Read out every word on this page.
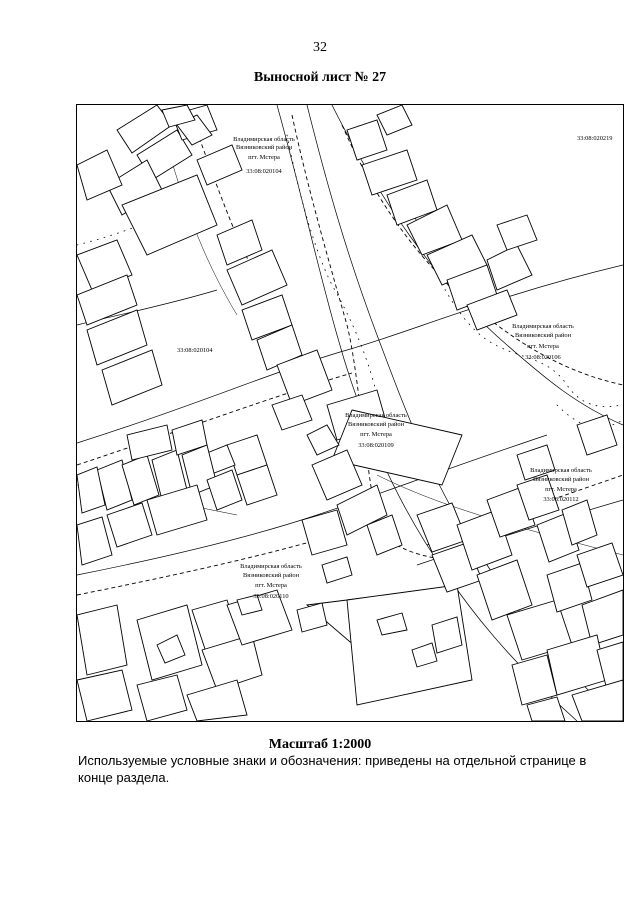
32
Выносной лист № 27
Владимирская область
Вязниковский район
пгт. Мстера
33:08:020104
Владимирская область
Вязниковский район
пгт. Мстера
33:08:020106
Владимирская область
Вязниковский район
пгт. Мстера
33:08:020109
Владимирская область
Вязниковский район
пгт. Мстера
33:08:020112
Владимирская область
Вязниковский район
пгт. Мстера
33:08:020110
33:08:020219
33:08:020104
Масштаб 1:2000
Используемые условные знаки и обозначения: приведены на отдельной странице в конце раздела.
